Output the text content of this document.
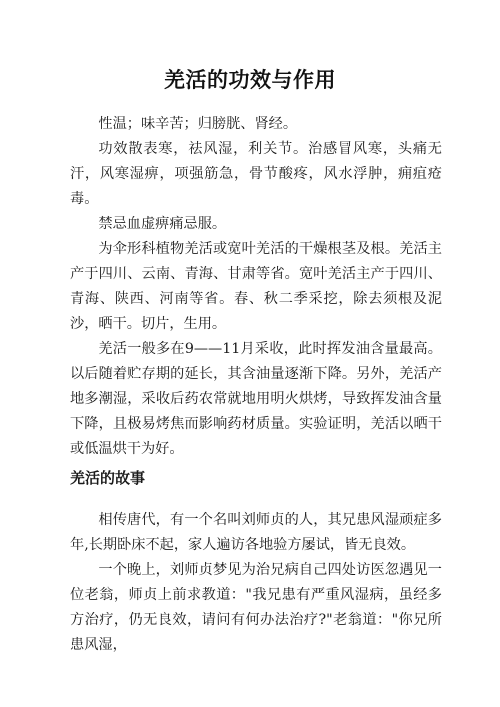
羌活的功效与作用

性温；味辛苦；归膀胱、肾经。

功效散表寒，祛风湿，利关节。治感冒风寒，头痛无汗，风寒湿痹，项强筋急，骨节酸疼，风水浮肿，痈疽疮毒。

禁忌血虚痹痛忌服。

为伞形科植物羌活或宽叶羌活的干燥根茎及根。羌活主产于四川、云南、青海、甘肃等省。宽叶羌活主产于四川、青海、陕西、河南等省。春、秋二季采挖，除去须根及泥沙，晒干。切片，生用。

羌活一般多在9——11月采收，此时挥发油含量最高。 以后随着贮存期的延长，其含油量逐渐下降。另外，羌活产 地多潮湿，采收后药农常就地用明火烘烤，导致挥发油含量 下降，且极易烤焦而影响药材质量。实验证明，羌活以晒干 或低温烘干为好。

羌活的故事

相传唐代，有一个名叫刘师贞的人，其兄患风湿顽症多年,长期卧床不起，家人遍访各地验方屡试，皆无良效。

一个晚上，刘师贞梦见为治兄病自己四处访医忽遇见一位老翁，师贞上前求教道："我兄患有严重风湿病，虽经多方治疗，仍无良效，请问有何办法治疗?"老翁道："你兄所患风湿，
